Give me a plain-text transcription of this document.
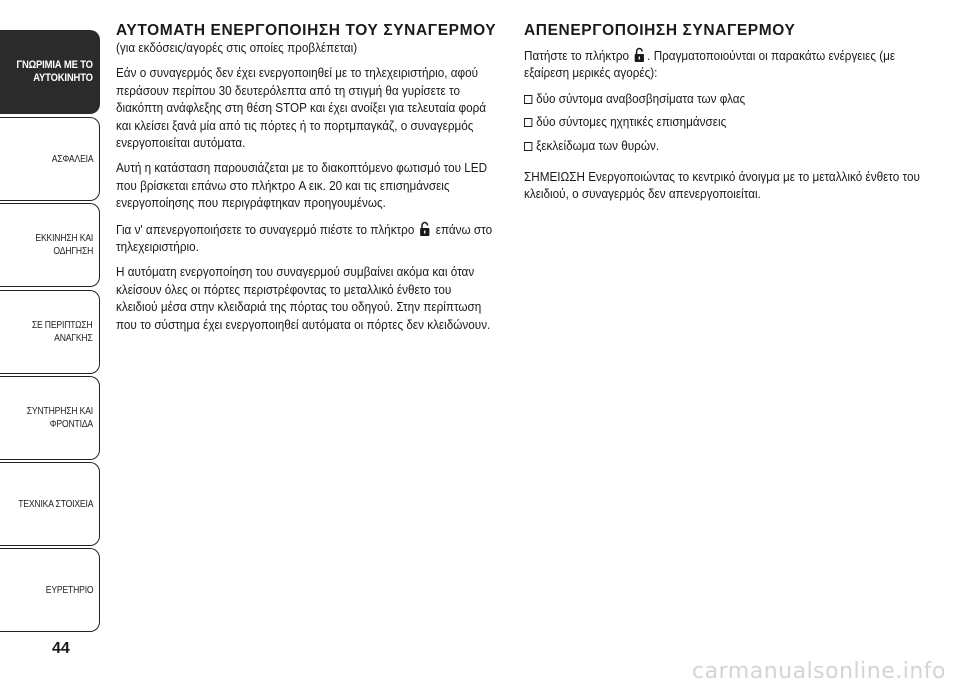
ΓΝΩΡΙΜΙΑ ΜΕ ΤΟ
ΑΥΤΟΚΙΝΗΤΟ
ΑΣΦΑΛΕΙΑ
ΕΚΚΙΝΗΣΗ ΚΑΙ
ΟΔΗΓΗΣΗ
ΣΕ ΠΕΡΙΠΤΩΣΗ
ΑΝΑΓΚΗΣ
ΣΥΝΤΗΡΗΣΗ ΚΑΙ
ΦΡΟΝΤΙΔΑ
ΤΕΧΝΙΚΑ ΣΤΟΙΧΕΙΑ
ΕΥΡΕΤΗΡΙΟ
44
ΑΥΤΟΜΑΤΗ ΕΝΕΡΓΟΠΟΙΗΣΗ ΤΟΥ ΣΥΝΑΓΕΡΜΟΥ

(για εκδόσεις/αγορές στις οποίες προβλέπεται)

Εάν ο συναγερμός δεν έχει ενεργοποιηθεί με το τηλεχειριστήριο, αφού περάσουν περίπου 30 δευτερόλεπτα από τη στιγμή θα γυρίσετε το διακόπτη ανάφλεξης στη θέση STOP και έχει ανοίξει για τελευταία φορά και κλείσει ξανά μία από τις πόρτες ή το πορτμπαγκάζ, ο συναγερμός ενεργοποιείται αυτόματα.

Αυτή η κατάσταση παρουσιάζεται με το διακοπτόμενο φωτισμό του LED που βρίσκεται επάνω στο πλήκτρο A εικ. 20 και τις επισημάνσεις ενεργοποίησης που περιγράφτηκαν προηγουμένως.

Για ν' απενεργοποιήσετε το συναγερμό πιέστε το πλήκτρο επάνω στο τηλεχειριστήριο.

Η αυτόματη ενεργοποίηση του συναγερμού συμβαίνει ακόμα και όταν κλείσουν όλες οι πόρτες περιστρέφοντας το μεταλλικό ένθετο του κλειδιού μέσα στην κλειδαριά της πόρτας του οδηγού. Στην περίπτωση που το σύστημα έχει ενεργοποιηθεί αυτόματα οι πόρτες δεν κλειδώνουν.

ΑΠΕΝΕΡΓΟΠΟΙΗΣΗ ΣΥΝΑΓΕΡΜΟΥ

Πατήστε το πλήκτρο . Πραγματοποιούνται οι παρακάτω ενέργειες (με εξαίρεση μερικές αγορές):

δύο σύντομα αναβοσβησίματα των φλας
δύο σύντομες ηχητικές επισημάνσεις
ξεκλείδωμα των θυρών.

ΣΗΜΕΙΩΣΗ Ενεργοποιώντας το κεντρικό άνοιγμα με το μεταλλικό ένθετο του κλειδιού, ο συναγερμός δεν απενεργοποιείται.

carmanualsonline.info
